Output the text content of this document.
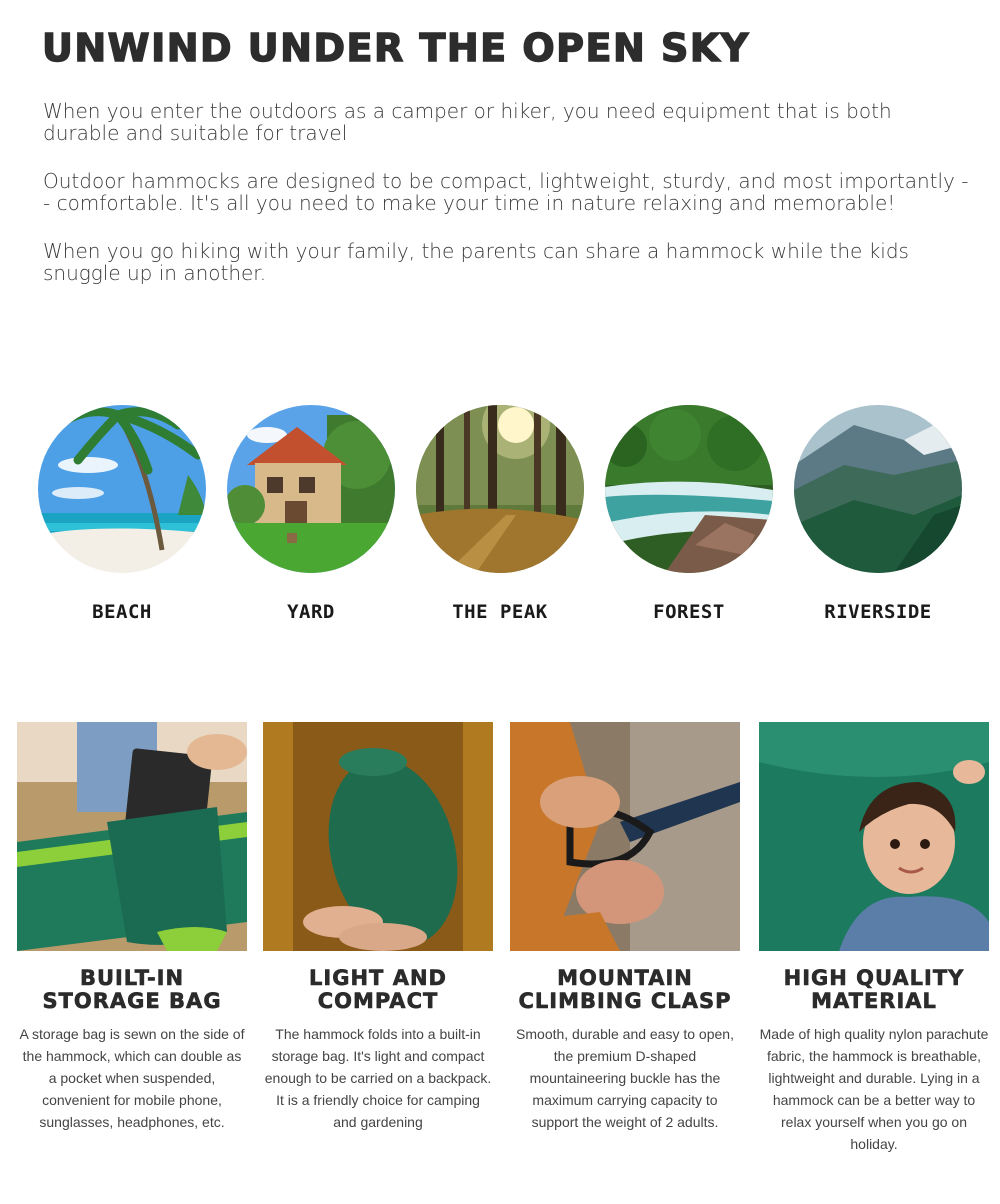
UNWIND UNDER THE OPEN SKY

When you enter the outdoors as a camper or hiker, you need equipment that is both durable and suitable for travel

Outdoor hammocks are designed to be compact, lightweight, sturdy, and most importantly -- comfortable. It's all you need to make your time in nature relaxing and memorable!

When you go hiking with your family, the parents can share a hammock while the kids snuggle up in another.

BEACH	YARD	THE PEAK	FOREST	RIVERSIDE
BUILT-IN STORAGE BAG
A storage bag is sewn on the side of the hammock, which can double as a pocket when suspended, convenient for mobile phone, sunglasses, headphones, etc.
LIGHT AND COMPACT
The hammock folds into a built-in storage bag. It's light and compact enough to be carried on a backpack. It is a friendly choice for camping and gardening
MOUNTAIN CLIMBING CLASP
Smooth, durable and easy to open, the premium D-shaped mountaineering buckle has the maximum carrying capacity to support the weight of 2 adults.
HIGH QUALITY MATERIAL
Made of high quality nylon parachute fabric, the hammock is breathable, lightweight and durable. Lying in a hammock can be a better way to relax yourself when you go on holiday.
